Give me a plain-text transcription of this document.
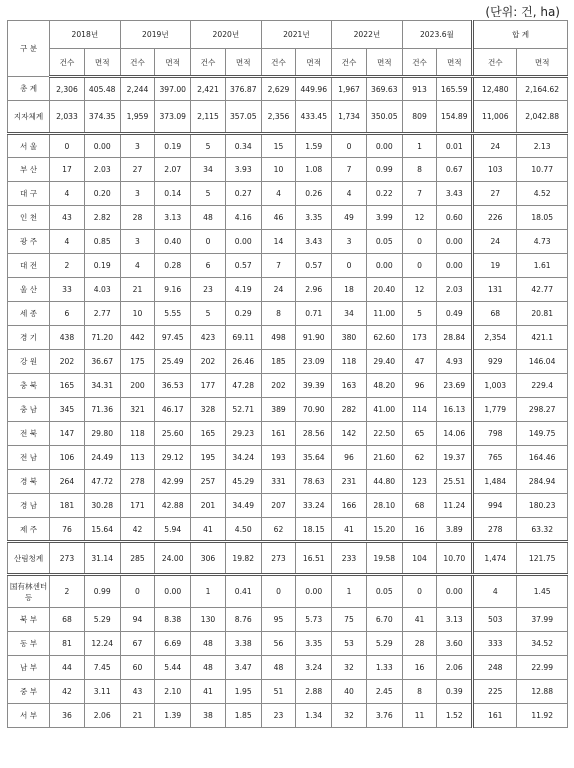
(단위: 건, ha)
구 분	2018년		2019년		2020년		2021년		2022년		2023.6월		합 계	
	건수	면적	건수	면적	건수	면적	건수	면적	건수	면적	건수	면적	건수	면적
총 계	2,306	405.48	2,244	397.00	2,421	376.87	2,629	449.96	1,967	369.63	913	165.59	12,480	2,164.62
지자체계	2,033	374.35	1,959	373.09	2,115	357.05	2,356	433.45	1,734	350.05	809	154.89	11,006	2,042.88
서 울	0	0.00	3	0.19	5	0.34	15	1.59	0	0.00	1	0.01	24	2.13
부 산	17	2.03	27	2.07	34	3.93	10	1.08	7	0.99	8	0.67	103	10.77
대 구	4	0.20	3	0.14	5	0.27	4	0.26	4	0.22	7	3.43	27	4.52
인 천	43	2.82	28	3.13	48	4.16	46	3.35	49	3.99	12	0.60	226	18.05
광 주	4	0.85	3	0.40	0	0.00	14	3.43	3	0.05	0	0.00	24	4.73
대 전	2	0.19	4	0.28	6	0.57	7	0.57	0	0.00	0	0.00	19	1.61
울 산	33	4.03	21	9.16	23	4.19	24	2.96	18	20.40	12	2.03	131	42.77
세 종	6	2.77	10	5.55	5	0.29	8	0.71	34	11.00	5	0.49	68	20.81
경 기	438	71.20	442	97.45	423	69.11	498	91.90	380	62.60	173	28.84	2,354	421.1
강 원	202	36.67	175	25.49	202	26.46	185	23.09	118	29.40	47	4.93	929	146.04
충 북	165	34.31	200	36.53	177	47.28	202	39.39	163	48.20	96	23.69	1,003	229.4
충 남	345	71.36	321	46.17	328	52.71	389	70.90	282	41.00	114	16.13	1,779	298.27
전 북	147	29.80	118	25.60	165	29.23	161	28.56	142	22.50	65	14.06	798	149.75
전 남	106	24.49	113	29.12	195	34.24	193	35.64	96	21.60	62	19.37	765	164.46
경 북	264	47.72	278	42.99	257	45.29	331	78.63	231	44.80	123	25.51	1,484	284.94
경 남	181	30.28	171	42.88	201	34.49	207	33.24	166	28.10	68	11.24	994	180.23
제 주	76	15.64	42	5.94	41	4.50	62	18.15	41	15.20	16	3.89	278	63.32
산림청계	273	31.14	285	24.00	306	19.82	273	16.51	233	19.58	104	10.70	1,474	121.75
国有林센터등	2	0.99	0	0.00	1	0.41	0	0.00	1	0.05	0	0.00	4	1.45
북 부	68	5.29	94	8.38	130	8.76	95	5.73	75	6.70	41	3.13	503	37.99
동 부	81	12.24	67	6.69	48	3.38	56	3.35	53	5.29	28	3.60	333	34.52
남 부	44	7.45	60	5.44	48	3.47	48	3.24	32	1.33	16	2.06	248	22.99
중 부	42	3.11	43	2.10	41	1.95	51	2.88	40	2.45	8	0.39	225	12.88
서 부	36	2.06	21	1.39	38	1.85	23	1.34	32	3.76	11	1.52	161	11.92
